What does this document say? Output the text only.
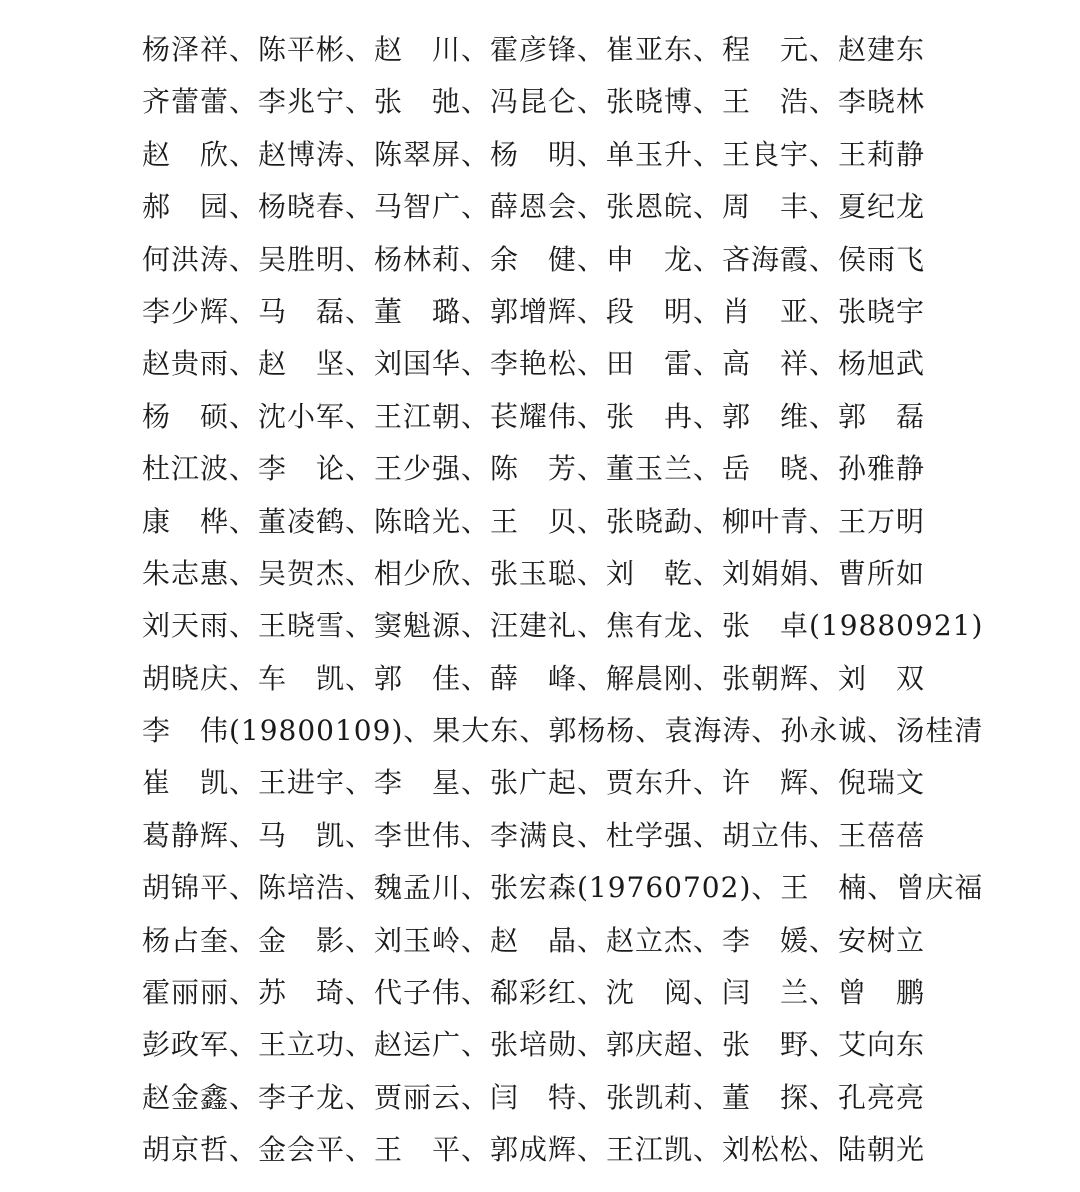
杨泽祥、陈平彬、赵　川、霍彦锋、崔亚东、程　元、赵建东
齐蕾蕾、李兆宁、张　弛、冯昆仑、张晓博、王　浩、李晓林
赵　欣、赵博涛、陈翠屏、杨　明、单玉升、王良宇、王莉静
郝　园、杨晓春、马智广、薛恩会、张恩皖、周　丰、夏纪龙
何洪涛、吴胜明、杨林莉、余　健、申　龙、吝海霞、侯雨飞
李少辉、马　磊、董　璐、郭增辉、段　明、肖　亚、张晓宇
赵贵雨、赵　坚、刘国华、李艳松、田　雷、高　祥、杨旭武
杨　硕、沈小军、王江朝、苌耀伟、张　冉、郭　维、郭　磊
杜江波、李　论、王少强、陈　芳、董玉兰、岳　晓、孙雅静
康　桦、董凌鹤、陈晗光、王　贝、张晓勐、柳叶青、王万明
朱志惠、吴贺杰、相少欣、张玉聪、刘　乾、刘娟娟、曹所如
刘天雨、王晓雪、窦魁源、汪建礼、焦有龙、张　卓(19880921)
胡晓庆、车　凯、郭　佳、薛　峰、解晨刚、张朝辉、刘　双
李　伟(19800109)、果大东、郭杨杨、袁海涛、孙永诚、汤桂清
崔　凯、王进宇、李　星、张广起、贾东升、许　辉、倪瑞文
葛静辉、马　凯、李世伟、李满良、杜学强、胡立伟、王蓓蓓
胡锦平、陈培浩、魏孟川、张宏森(19760702)、王　楠、曾庆福
杨占奎、金　影、刘玉岭、赵　晶、赵立杰、李　媛、安树立
霍丽丽、苏　琦、代子伟、郗彩红、沈　阅、闫　兰、曾　鹏
彭政军、王立功、赵运广、张培勋、郭庆超、张　野、艾向东
赵金鑫、李子龙、贾丽云、闫　特、张凯莉、董　探、孔亮亮
胡京哲、金会平、王　平、郭成辉、王江凯、刘松松、陆朝光
